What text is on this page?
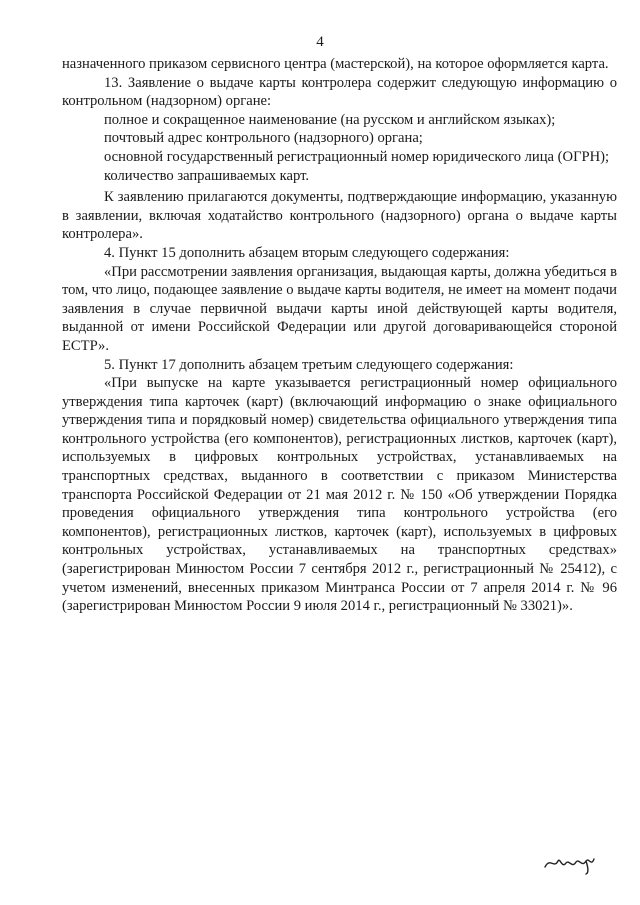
4

назначенного приказом сервисного центра (мастерской), на которое оформляется карта.

13. Заявление о выдаче карты контролера содержит следующую информацию о контрольном (надзорном) органе:

полное и сокращенное наименование (на русском и английском языках);

почтовый адрес контрольного (надзорного) органа;

основной государственный регистрационный номер юридического лица (ОГРН);

количество запрашиваемых карт.

К заявлению прилагаются документы, подтверждающие информацию, указанную в заявлении, включая ходатайство контрольного (надзорного) органа о выдаче карты контролера».

4. Пункт 15 дополнить абзацем вторым следующего содержания:

«При рассмотрении заявления организация, выдающая карты, должна убедиться в том, что лицо, подающее заявление о выдаче карты водителя, не имеет на момент подачи заявления в случае первичной выдачи карты иной действующей карты водителя, выданной от имени Российской Федерации или другой договаривающейся стороной ЕСТР».

5. Пункт 17 дополнить абзацем третьим следующего содержания:

«При выпуске на карте указывается регистрационный номер официального утверждения типа карточек (карт) (включающий информацию о знаке официального утверждения типа и порядковый номер) свидетельства официального утверждения типа контрольного устройства (его компонентов), регистрационных листков, карточек (карт), используемых в цифровых контрольных устройствах, устанавливаемых на транспортных средствах, выданного в соответствии с приказом Министерства транспорта Российской Федерации от 21 мая 2012 г. № 150 «Об утверждении Порядка проведения официального утверждения типа контрольного устройства (его компонентов), регистрационных листков, карточек (карт), используемых в цифровых контрольных устройствах, устанавливаемых на транспортных средствах» (зарегистрирован Минюстом России 7 сентября 2012 г., регистрационный № 25412), с учетом изменений, внесенных приказом Минтранса России от 7 апреля 2014 г. № 96 (зарегистрирован Минюстом России 9 июля 2014 г., регистрационный № 33021)».
